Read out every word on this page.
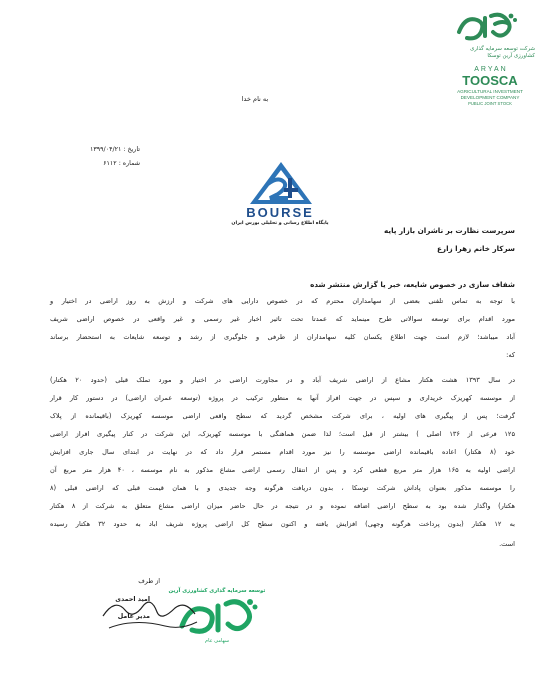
شرکت توسعه سرمایه گذاری
کشاورزی آرین توسکا
ARYAN
TOOSCA
AGRICULTURAL INVESTMENT
DEVELOPMENT COMPANY
PUBLIC JOINT STOCK
به نام خدا
تاریخ : ۱۳۹۹/۰۴/۲۱
شماره : ۶۱۱۲
BOURSE
پایگاه اطلاع رسانی و تحلیلی بورس ایران
سرپرست نظارت بر ناشران بازار پایه
سرکار خانم زهرا زارع
شفاف سازی در خصوص شایعه، خبر یا گزارش منتشر شده
با توجه به تماس تلفنی بعضی از سهامداران محترم که در خصوص دارایی های شرکت و ارزش به روز اراضی در اختیار و
مورد اقدام برای توسعه سوالاتی طرح مینماید که عمدتا تحت تاثیر اخبار غیر رسمی و غیر واقعی در خصوص اراضی شریف
آباد میباشد؛ لازم است جهت اطلاع یکسان کلیه سهامداران از طرفی و جلوگیری از رشد و توسعه شایعات به استحضار برساند
که:
در سال ۱۳۹۳ هشت هکتار مشاع از اراضی شریف آباد و در مجاورت اراضی در اختیار و مورد تملک قبلی (حدود ۲۰ هکتار)
از موسسه کهریزک خریداری و سپس در جهت افراز آنها به منظور ترکیب در پروژه (توسعه عمران اراضی) در دستور کار قرار
گرفت؛ پس از پیگیری های اولیه ، برای شرکت مشخص گردید که سطح واقعی اراضی موسسه کهریزک (باقیمانده از پلاک
۱۲۵ فرعی از ۱۳۶ اصلی ) بیشتر از قبل است؛ لذا ضمن هماهنگی با موسسه کهریزک، این شرکت در کنار پیگیری افراز اراضی
خود (۸ هکتار) اعاده باقیمانده اراضی موسسه را نیز مورد اقدام مستمر قرار داد که در نهایت در ابتدای سال جاری افزایش
اراضی اولیه به ۱۶۵ هزار متر مربع قطعی کرد و پس از انتقال رسمی اراضی مشاع مذکور به نام موسسه ، ۴۰ هزار متر مربع آن
را موسسه مذکور بعنوان پاداش شرکت توسکا ، بدون دریافت هرگونه وجه جدیدی و با همان قیمت قبلی که اراضی قبلی (۸
هکتار) واگذار شده بود به سطح اراضی اضافه نموده و در نتیجه در حال حاضر میزان اراضی مشاع متعلق به شرکت از ۸ هکتار
به ۱۲ هکتار (بدون پرداخت هرگونه وجهی) افزایش یافته و اکنون سطح کل اراضی پروژه شریف اباد به حدود ۳۲ هکتار رسیده
است.
توسعه سرمایه گذاری کشاورزی آرین
سهامی عام
از طرف
امید احمدی
مدیر عامل
